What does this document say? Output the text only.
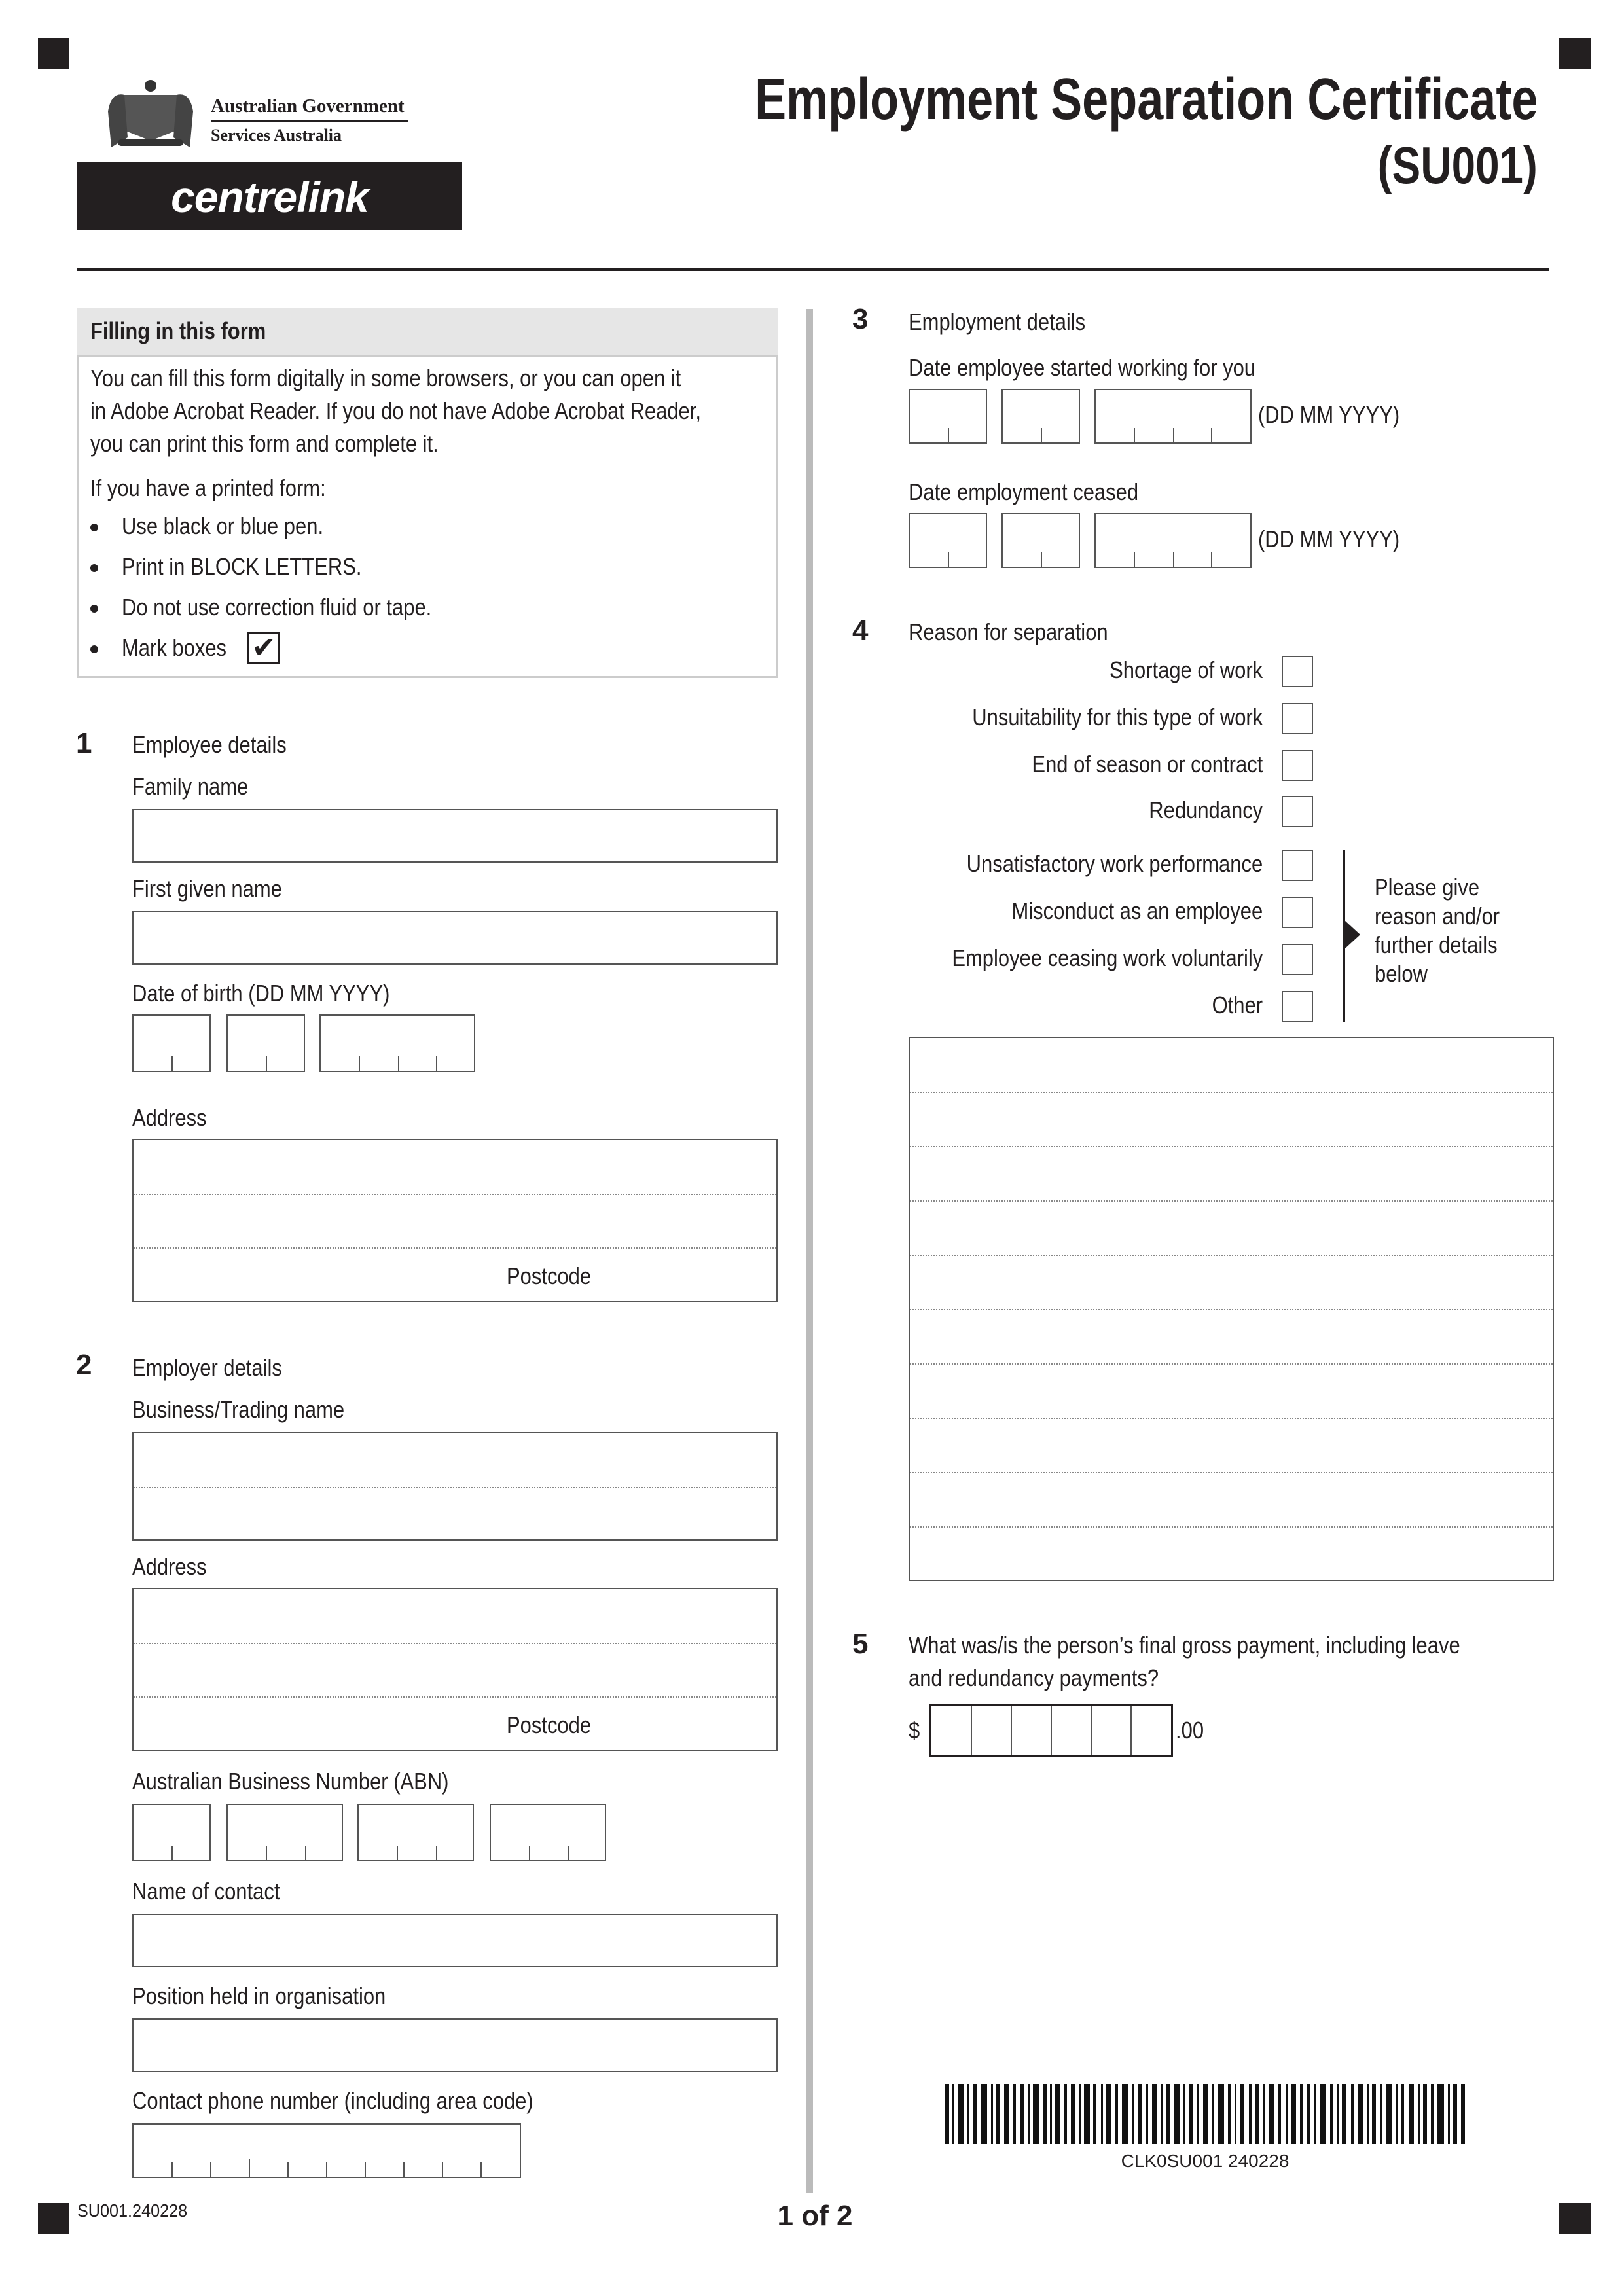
Australian Government
Services Australia
centrelink
Employment Separation Certificate
(SU001)
Filling in this form
You can fill this form digitally in some browsers, or you can open it
in Adobe Acrobat Reader. If you do not have Adobe Acrobat Reader,
you can print this form and complete it.
If you have a printed form:
Use black or blue pen.
Print in BLOCK LETTERS.
Do not use correction fluid or tape.
Mark boxes ✔
1 Employee details
Family name
First given name
Date of birth (DD MM YYYY)
Address
Postcode
2 Employer details
Business/Trading name
Address
Postcode
Australian Business Number (ABN)
Name of contact
Position held in organisation
Contact phone number (including area code)
3 Employment details
Date employee started working for you
(DD MM YYYY)
Date employment ceased
(DD MM YYYY)
4 Reason for separation
Shortage of work
Unsuitability for this type of work
End of season or contract
Redundancy
Unsatisfactory work performance
Misconduct as an employee
Employee ceasing work voluntarily
Other
Please give
reason and/or
further details
below
5 What was/is the person’s final gross payment, including leave
and redundancy payments?
$	.00
CLK0SU001 240228
SU001.240228	1 of 2
